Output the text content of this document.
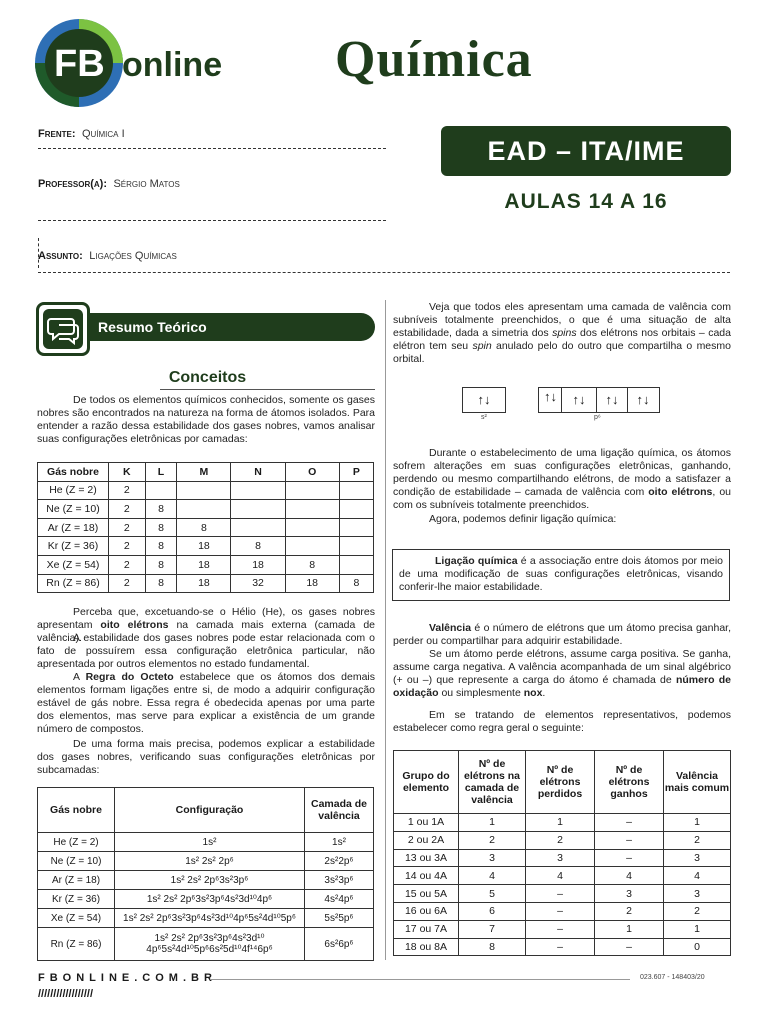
FB online Química
Frente: Química I
Professor(a): Sérgio Matos
Assunto: Ligações Químicas
EAD – ITA/IME
AULAS 14 A 16
Resumo Teórico
Conceitos
De todos os elementos químicos conhecidos, somente os gases nobres são encontrados na natureza na forma de átomos isolados. Para entender a razão dessa estabilidade dos gases nobres, vamos analisar suas configurações eletrônicas por camadas:
Gás nobre	K	L	M	N	O	P
He (Z = 2)	2					
Ne (Z = 10)	2	8				
Ar (Z = 18)	2	8	8			
Kr (Z = 36)	2	8	18	8		
Xe (Z = 54)	2	8	18	18	8	
Rn (Z = 86)	2	8	18	32	18	8
Perceba que, excetuando-se o Hélio (He), os gases nobres apresentam oito elétrons na camada mais externa (camada de valência).
A estabilidade dos gases nobres pode estar relacionada com o fato de possuírem essa configuração eletrônica particular, não apresentada por outros elementos no estado fundamental.
A Regra do Octeto estabelece que os átomos dos demais elementos formam ligações entre si, de modo a adquirir configuração estável de gás nobre. Essa regra é obedecida apenas por uma parte dos elementos, mas serve para explicar a existência de um grande número de compostos.
De uma forma mais precisa, podemos explicar a estabilidade dos gases nobres, verificando suas configurações eletrônicas por subcamadas:
Gás nobre	Configuração	Camada de valência
He (Z = 2)	1s²	1s²
Ne (Z = 10)	1s² 2s² 2p⁶	2s²2p⁶
Ar (Z = 18)	1s² 2s² 2p⁶3s²3p⁶	3s²3p⁶
Kr (Z = 36)	1s² 2s² 2p⁶3s²3p⁶4s²3d¹⁰4p⁶	4s²4p⁶
Xe (Z = 54)	1s² 2s² 2p⁶3s²3p⁶4s²3d¹⁰4p⁶5s²4d¹⁰5p⁶	5s²5p⁶
Rn (Z = 86)	1s² 2s² 2p⁶3s²3p⁶4s²3d¹⁰ 4p⁶5s²4d¹⁰5p⁶6s²5d¹⁰4f¹⁴6p⁶	6s²6p⁶
Veja que todos eles apresentam uma camada de valência com subníveis totalmente preenchidos, o que é uma situação de alta estabilidade, dada a simetria dos spins dos elétrons nos orbitais – cada elétron tem seu spin anulado pelo do outro que compartilha o mesmo orbital.
↑↓
s²
↑↓	↑↓	↑↓
↑↓
p⁶
Durante o estabelecimento de uma ligação química, os átomos sofrem alterações em suas configurações eletrônicas, ganhando, perdendo ou mesmo compartilhando elétrons, de modo a satisfazer a condição de estabilidade – camada de valência com oito elétrons, ou com os subníveis totalmente preenchidos.
Agora, podemos definir ligação química:
Ligação química é a associação entre dois átomos por meio de uma modificação de suas configurações eletrônicas, visando conferir-lhe maior estabilidade.
Valência é o número de elétrons que um átomo precisa ganhar, perder ou compartilhar para adquirir estabilidade.
Se um átomo perde elétrons, assume carga positiva. Se ganha, assume carga negativa. A valência acompanhada de um sinal algébrico (+ ou –) que represente a carga do átomo é chamada de número de oxidação ou simplesmente nox.
Em se tratando de elementos representativos, podemos estabelecer como regra geral o seguinte:
Grupo do elemento	Nº de elétrons na camada de valência	Nº de elétrons perdidos	Nº de elétrons ganhos	Valência mais comum
1 ou 1A	1	1	–	1
2 ou 2A	2	2	–	2
13 ou 3A	3	3	–	3
14 ou 4A	4	4	4	4
15 ou 5A	5	–	3	3
16 ou 6A	6	–	2	2
17 ou 7A	7	–	1	1
18 ou 8A	8	–	–	0
FBONLINE.COM.BR
//////////////////
023.607 - 148403/20
